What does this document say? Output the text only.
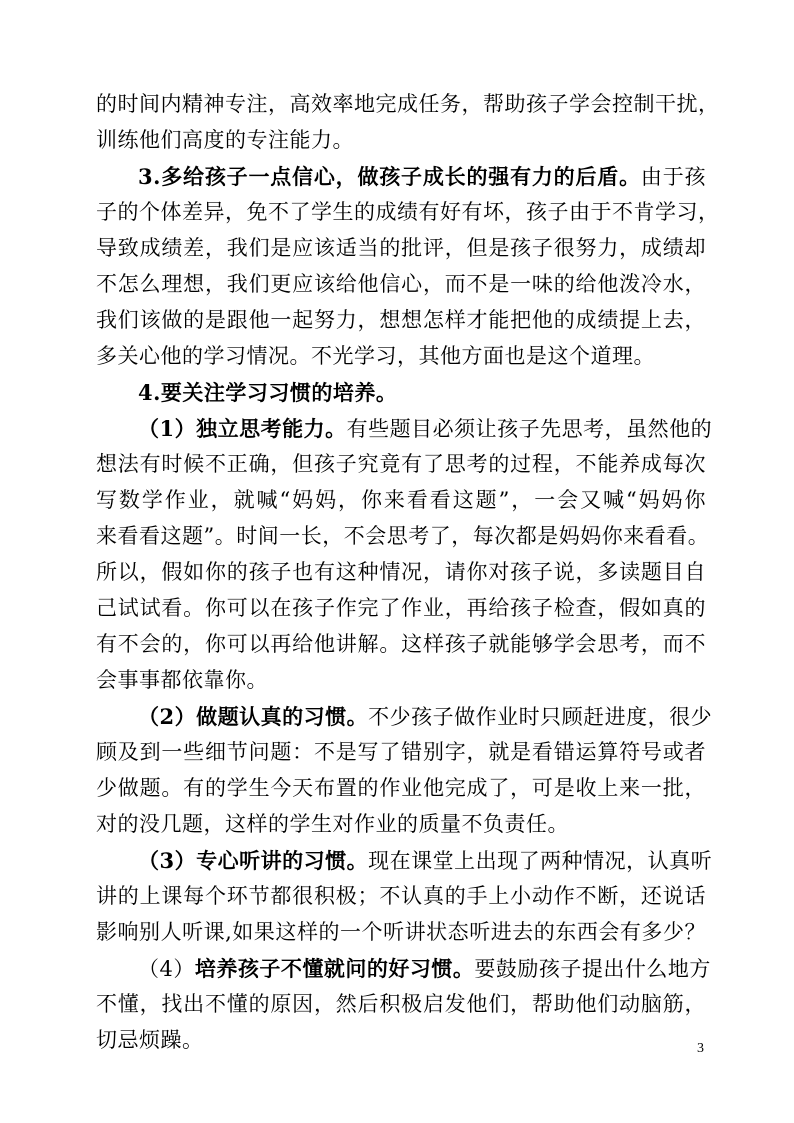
的时间内精神专注，高效率地完成任务，帮助孩子学会控制干扰，
训练他们高度的专注能力。
3.多给孩子一点信心，做孩子成长的强有力的后盾。由于孩
子的个体差异，免不了学生的成绩有好有坏，孩子由于不肯学习，
导致成绩差，我们是应该适当的批评，但是孩子很努力，成绩却
不怎么理想，我们更应该给他信心，而不是一味的给他泼冷水，
我们该做的是跟他一起努力，想想怎样才能把他的成绩提上去，
多关心他的学习情况。不光学习，其他方面也是这个道理。
4.要关注学习习惯的培养。
（1）独立思考能力。有些题目必须让孩子先思考，虽然他的
想法有时候不正确，但孩子究竟有了思考的过程，不能养成每次
写数学作业，就喊“妈妈，你来看看这题”，一会又喊“妈妈你
来看看这题”。时间一长，不会思考了，每次都是妈妈你来看看。
所以，假如你的孩子也有这种情况，请你对孩子说，多读题目自
己试试看。你可以在孩子作完了作业，再给孩子检查，假如真的
有不会的，你可以再给他讲解。这样孩子就能够学会思考，而不
会事事都依靠你。
（2）做题认真的习惯。不少孩子做作业时只顾赶进度，很少
顾及到一些细节问题：不是写了错别字，就是看错运算符号或者
少做题。有的学生今天布置的作业他完成了，可是收上来一批，
对的没几题，这样的学生对作业的质量不负责任。
（3）专心听讲的习惯。现在课堂上出现了两种情况，认真听
讲的上课每个环节都很积极；不认真的手上小动作不断，还说话
影响别人听课,如果这样的一个听讲状态听进去的东西会有多少？
（4）培养孩子不懂就问的好习惯。要鼓励孩子提出什么地方
不懂，找出不懂的原因，然后积极启发他们，帮助他们动脑筋，
切忌烦躁。	3
